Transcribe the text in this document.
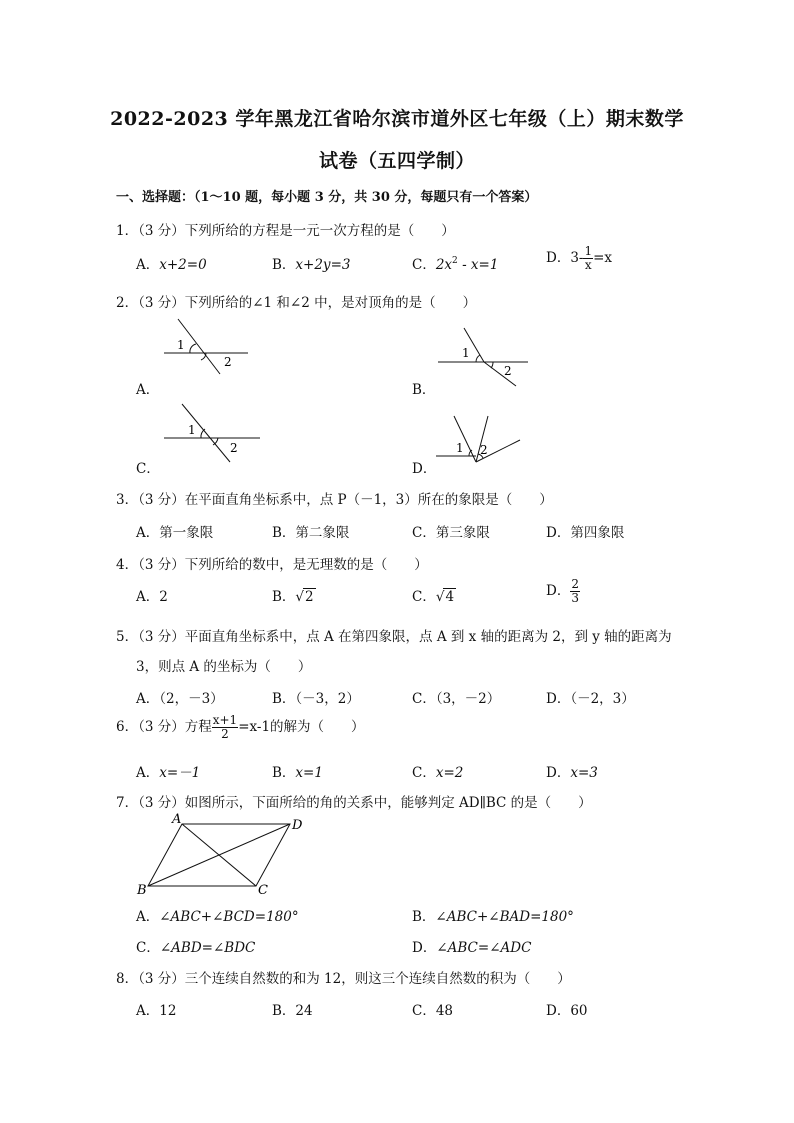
2022-2023 学年黑龙江省哈尔滨市道外区七年级（上）期末数学
试卷（五四学制）
一、选择题：（1～10 题，每小题 3 分，共 30 分，每题只有一个答案）
1．（3 分）下列所给的方程是一元一次方程的是（　　）
A．x+2=0	B．x+2y=3	C．$2x^2 - x=1$	D．$3- \frac{1}{x} =x$
2．（3 分）下列所给的∠1 和∠2 中，是对顶角的是（　　）
A．
1
2
B．
1
2
C．
1
2
D．
1 2
3．（3 分）在平面直角坐标系中，点 P（－1，3）所在的象限是（　　）
A．第一象限	B．第二象限	C．第三象限	D．第四象限
4．（3 分）下列所给的数中，是无理数的是（　　）
A．2	B．√2	C．√4	D． $\frac{2}{3}$
5．（3 分）平面直角坐标系中，点 A 在第四象限，点 A 到 x 轴的距离为 2，到 y 轴的距离为
3，则点 A 的坐标为（　　）
A．（2，－3）	B．（－3，2）	C．（3，－2）	D．（－2，3）
6．（3 分）方程 $\frac{x+1}{2} =x-1$的解为（　　）
A．x=－1	B．x=1	C．x=2	D．x=3
7．（3 分）如图所示，下面所给的角的关系中，能够判定 AD∥BC 的是（　　）
A	D
B	C
A．∠ABC+∠BCD=180°	B．∠ABC+∠BAD=180°
C．∠ABD=∠BDC	D．∠ABC=∠ADC
8．（3 分）三个连续自然数的和为 12，则这三个连续自然数的积为（　　）
A．12	B．24	C．48	D．60
